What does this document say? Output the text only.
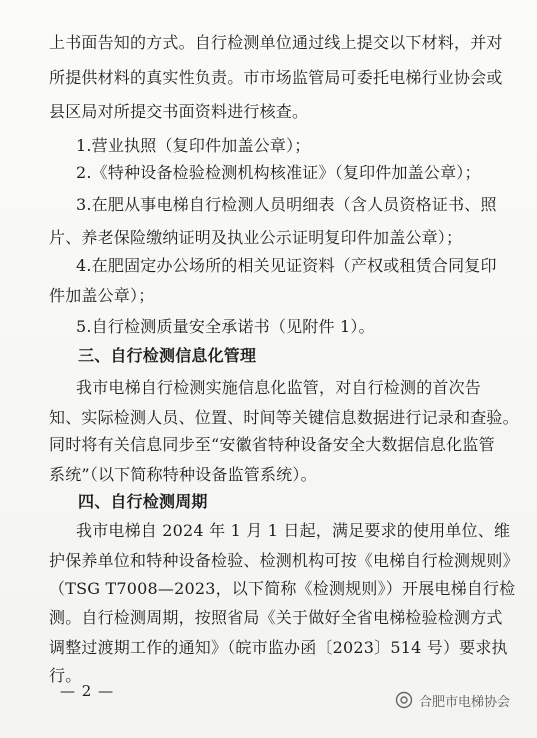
上书面告知的方式。自行检测单位通过线上提交以下材料，并对
所提供材料的真实性负责。市市场监管局可委托电梯行业协会或
县区局对所提交书面资料进行核查。
1.营业执照（复印件加盖公章）；
2.《特种设备检验检测机构核准证》（复印件加盖公章）；
3.在肥从事电梯自行检测人员明细表（含人员资格证书、照
片、养老保险缴纳证明及执业公示证明复印件加盖公章）；
4.在肥固定办公场所的相关见证资料（产权或租赁合同复印
件加盖公章）；
5.自行检测质量安全承诺书（见附件 1）。
三、自行检测信息化管理
我市电梯自行检测实施信息化监管，对自行检测的首次告
知、实际检测人员、位置、时间等关键信息数据进行记录和查验。
同时将有关信息同步至“安徽省特种设备安全大数据信息化监管
系统”（以下简称特种设备监管系统）。
四、自行检测周期
我市电梯自 2024 年 1 月 1 日起，满足要求的使用单位、维
护保养单位和特种设备检验、检测机构可按《电梯自行检测规则》
（TSG T7008—2023，以下简称《检测规则》）开展电梯自行检
测。自行检测周期，按照省局《关于做好全省电梯检验检测方式
调整过渡期工作的通知》（皖市监办函〔2023〕514 号）要求执
行。
— 2 —
合肥市电梯协会
